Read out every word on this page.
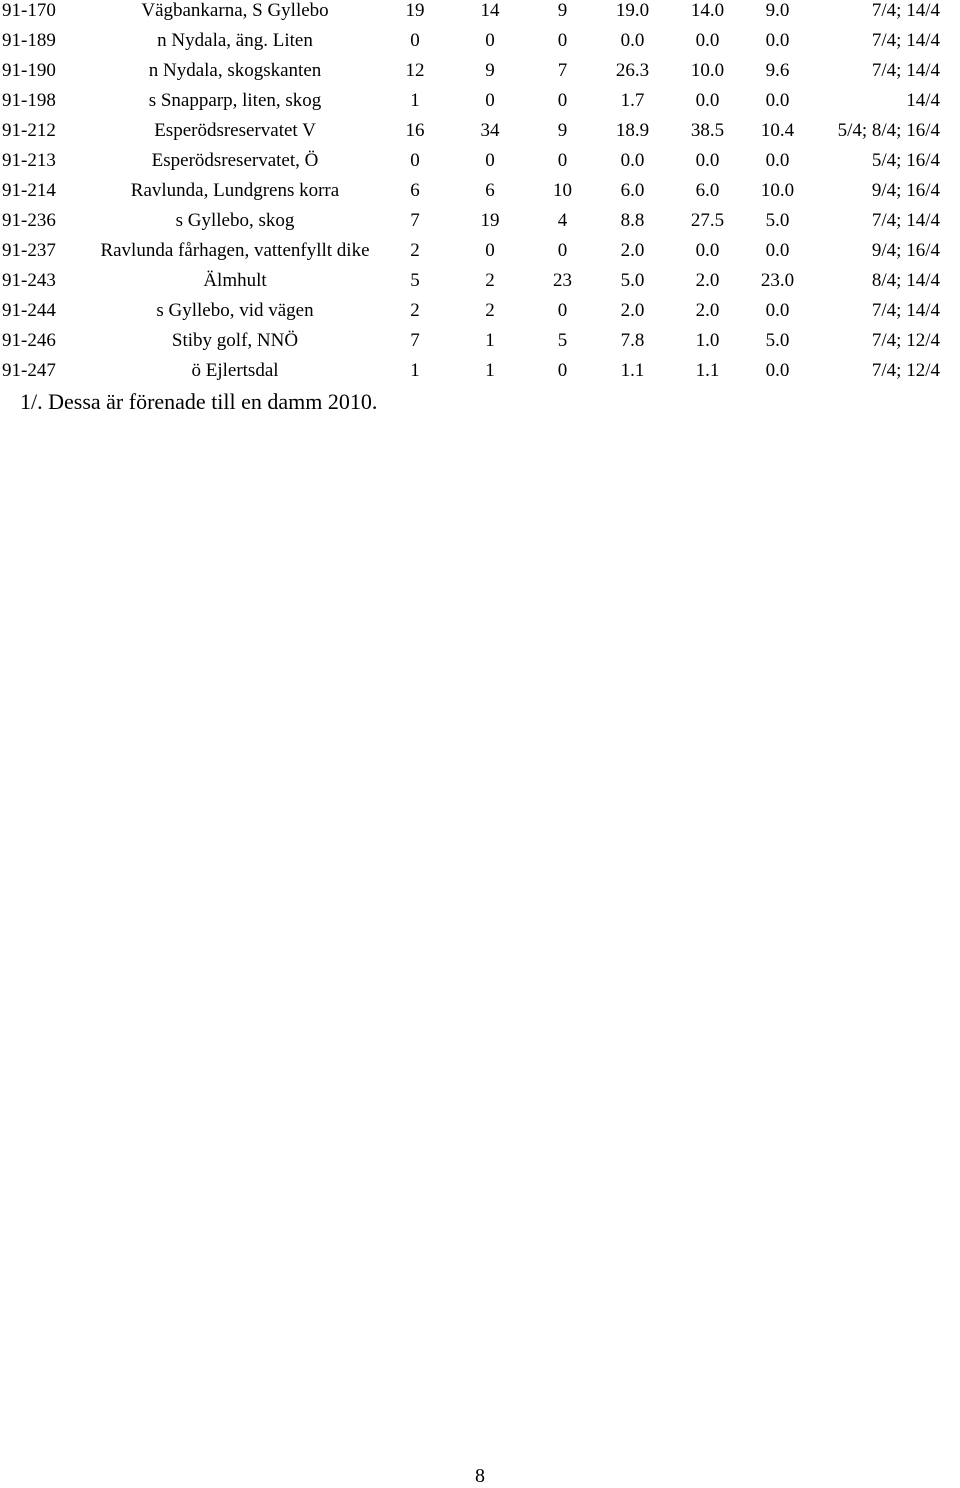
91-170	Vägbankarna, S Gyllebo	19	14	9	19.0	14.0	9.0	7/4; 14/4
91-189	n Nydala, äng. Liten	0	0	0	0.0	0.0	0.0	7/4; 14/4
91-190	n Nydala, skogskanten	12	9	7	26.3	10.0	9.6	7/4; 14/4
91-198	s Snapparp, liten, skog	1	0	0	1.7	0.0	0.0	14/4
91-212	Esperödsreservatet V	16	34	9	18.9	38.5	10.4	5/4; 8/4; 16/4
91-213	Esperödsreservatet, Ö	0	0	0	0.0	0.0	0.0	5/4; 16/4
91-214	Ravlunda, Lundgrens korra	6	6	10	6.0	6.0	10.0	9/4; 16/4
91-236	s Gyllebo, skog	7	19	4	8.8	27.5	5.0	7/4; 14/4
91-237	Ravlunda fårhagen, vattenfyllt dike	2	0	0	2.0	0.0	0.0	9/4; 16/4
91-243	Älmhult	5	2	23	5.0	2.0	23.0	8/4; 14/4
91-244	s Gyllebo, vid vägen	2	2	0	2.0	2.0	0.0	7/4; 14/4
91-246	Stiby golf, NNÖ	7	1	5	7.8	1.0	5.0	7/4; 12/4
91-247	ö Ejlertsdal	1	1	0	1.1	1.1	0.0	7/4; 12/4
1/. Dessa är förenade till en damm 2010.
8
